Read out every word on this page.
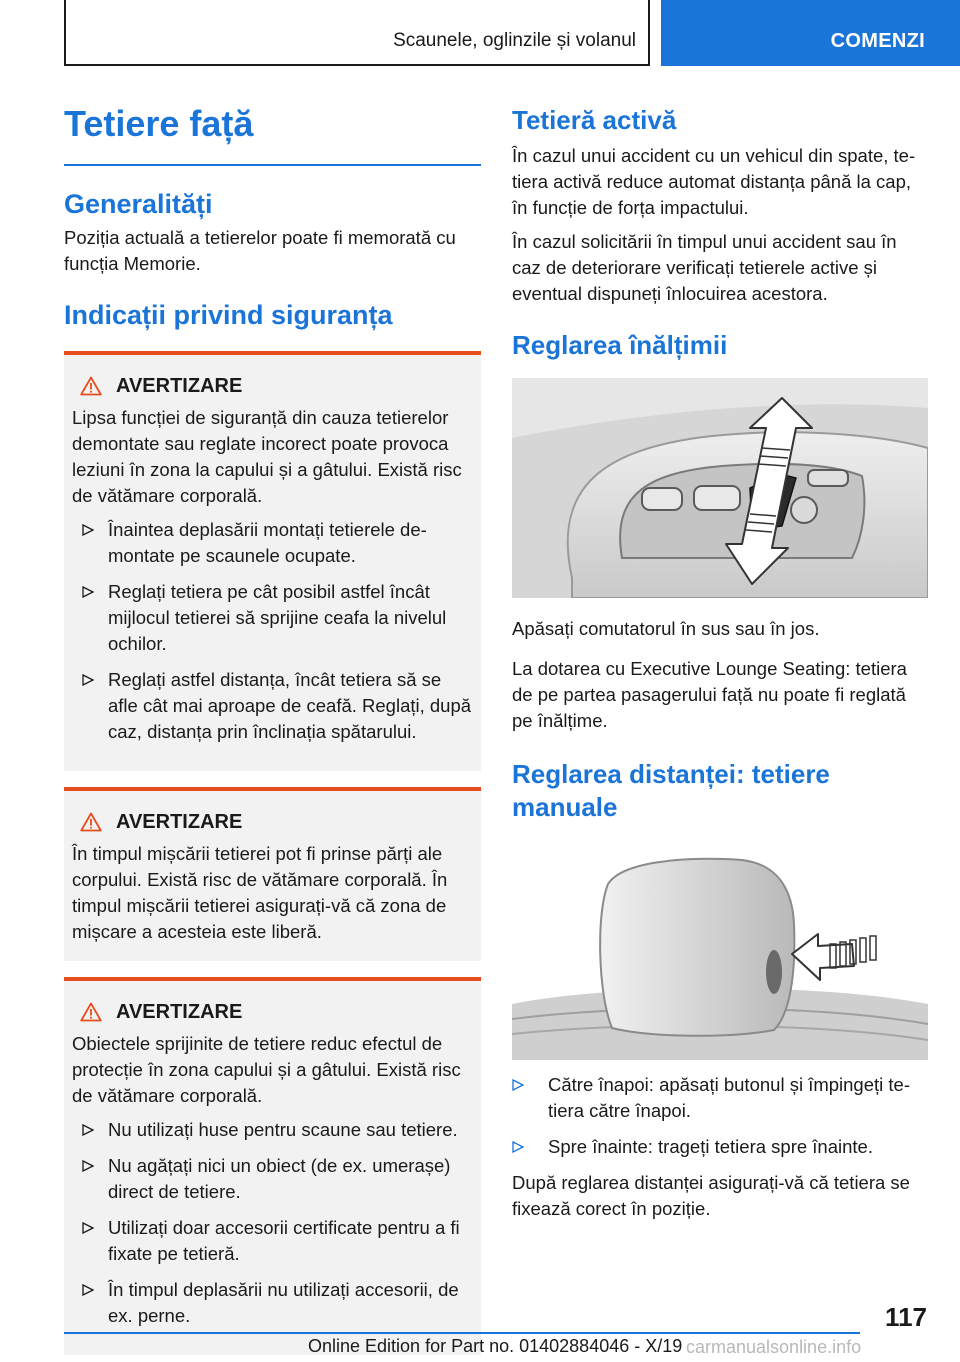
Scaunele, oglinzile și volanul	COMENZI
Tetiere față
Generalități

Poziția actuală a tetierelor poate fi memorată cu funcția Memorie.

Indicații privind siguranța
AVERTIZARE

Lipsa funcției de siguranță din cauza tetierelor demontate sau reglate incorect poate provoca leziuni în zona la capului și a gâtului. Există risc de vătămare corporală.

Înaintea deplasării montați tetierele demontate pe scaunele ocupate.
Reglați tetiera pe cât posibil astfel încât mijlocul tetierei să sprijine ceafa la nivelul ochilor.
Reglați astfel distanța, încât tetiera să se afle cât mai aproape de ceafă. Reglați, după caz, distanța prin înclinația spătarului.
AVERTIZARE

În timpul mișcării tetierei pot fi prinse părți ale corpului. Există risc de vătămare corporală. În timpul mișcării tetierei asigurați-vă că zona de mișcare a acesteia este liberă.

AVERTIZARE

Obiectele sprijinite de tetiere reduc efectul de protecție în zona capului și a gâtului. Există risc de vătămare corporală.

Nu utilizați huse pentru scaune sau tetiere.
Nu agățați nici un obiect (de ex. umerașe) direct de tetiere.
Utilizați doar accesorii certificate pentru a fi fixate pe tetieră.
În timpul deplasării nu utilizați accesorii, de ex. perne.
Tetieră activă

În cazul unui accident cu un vehicul din spate, tetiera activă reduce automat distanța până la cap, în funcție de forța impactului.

În cazul solicitării în timpul unui accident sau în caz de deteriorare verificați tetierele active și eventual dispuneți înlocuirea acestora.

Reglarea înălțimii

Apăsați comutatorul în sus sau în jos.

La dotarea cu Executive Lounge Seating: tetiera de pe partea pasagerului față nu poate fi reglată pe înălțime.

Reglarea distanței: tetiere manuale
Către înapoi: apăsați butonul și împingeți tetiera către înapoi.
Spre înainte: trageți tetiera spre înainte.

După reglarea distanței asigurați-vă că tetiera se fixează corect în poziție.

117
Online Edition for Part no. 01402884046 - X/19 carmanualsonline.info
